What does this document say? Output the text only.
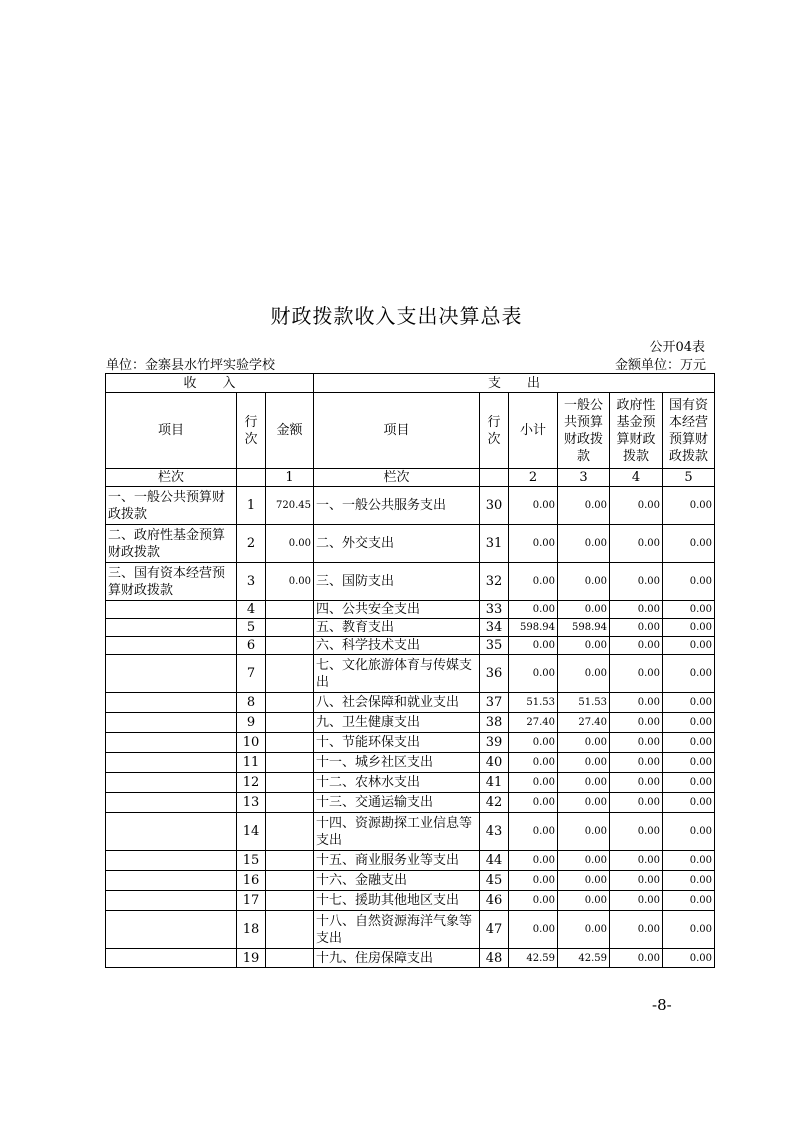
财政拨款收入支出决算总表
公开04表
单位：金寨县水竹坪实验学校	金额单位：万元
收　　入			支　　出					
项目	行次	金额	项目	行次	小计	一般公共预算财政拨款	政府性基金预算财政拨款	国有资本经营预算财政拨款
栏次		1	栏次		2	3	4	5
一、一般公共预算财政拨款	1	720.45	一、一般公共服务支出	30	0.00	0.00	0.00	0.00
二、政府性基金预算财政拨款	2	0.00	二、外交支出	31	0.00	0.00	0.00	0.00
三、国有资本经营预算财政拨款	3	0.00	三、国防支出	32	0.00	0.00	0.00	0.00
	4		四、公共安全支出	33	0.00	0.00	0.00	0.00
	5		五、教育支出	34	598.94	598.94	0.00	0.00
	6		六、科学技术支出	35	0.00	0.00	0.00	0.00
	7		七、文化旅游体育与传媒支出	36	0.00	0.00	0.00	0.00
	8		八、社会保障和就业支出	37	51.53	51.53	0.00	0.00
	9		九、卫生健康支出	38	27.40	27.40	0.00	0.00
	10		十、节能环保支出	39	0.00	0.00	0.00	0.00
	11		十一、城乡社区支出	40	0.00	0.00	0.00	0.00
	12		十二、农林水支出	41	0.00	0.00	0.00	0.00
	13		十三、交通运输支出	42	0.00	0.00	0.00	0.00
	14		十四、资源勘探工业信息等支出	43	0.00	0.00	0.00	0.00
	15		十五、商业服务业等支出	44	0.00	0.00	0.00	0.00
	16		十六、金融支出	45	0.00	0.00	0.00	0.00
	17		十七、援助其他地区支出	46	0.00	0.00	0.00	0.00
	18		十八、自然资源海洋气象等支出	47	0.00	0.00	0.00	0.00
	19		十九、住房保障支出	48	42.59	42.59	0.00	0.00
-8-
